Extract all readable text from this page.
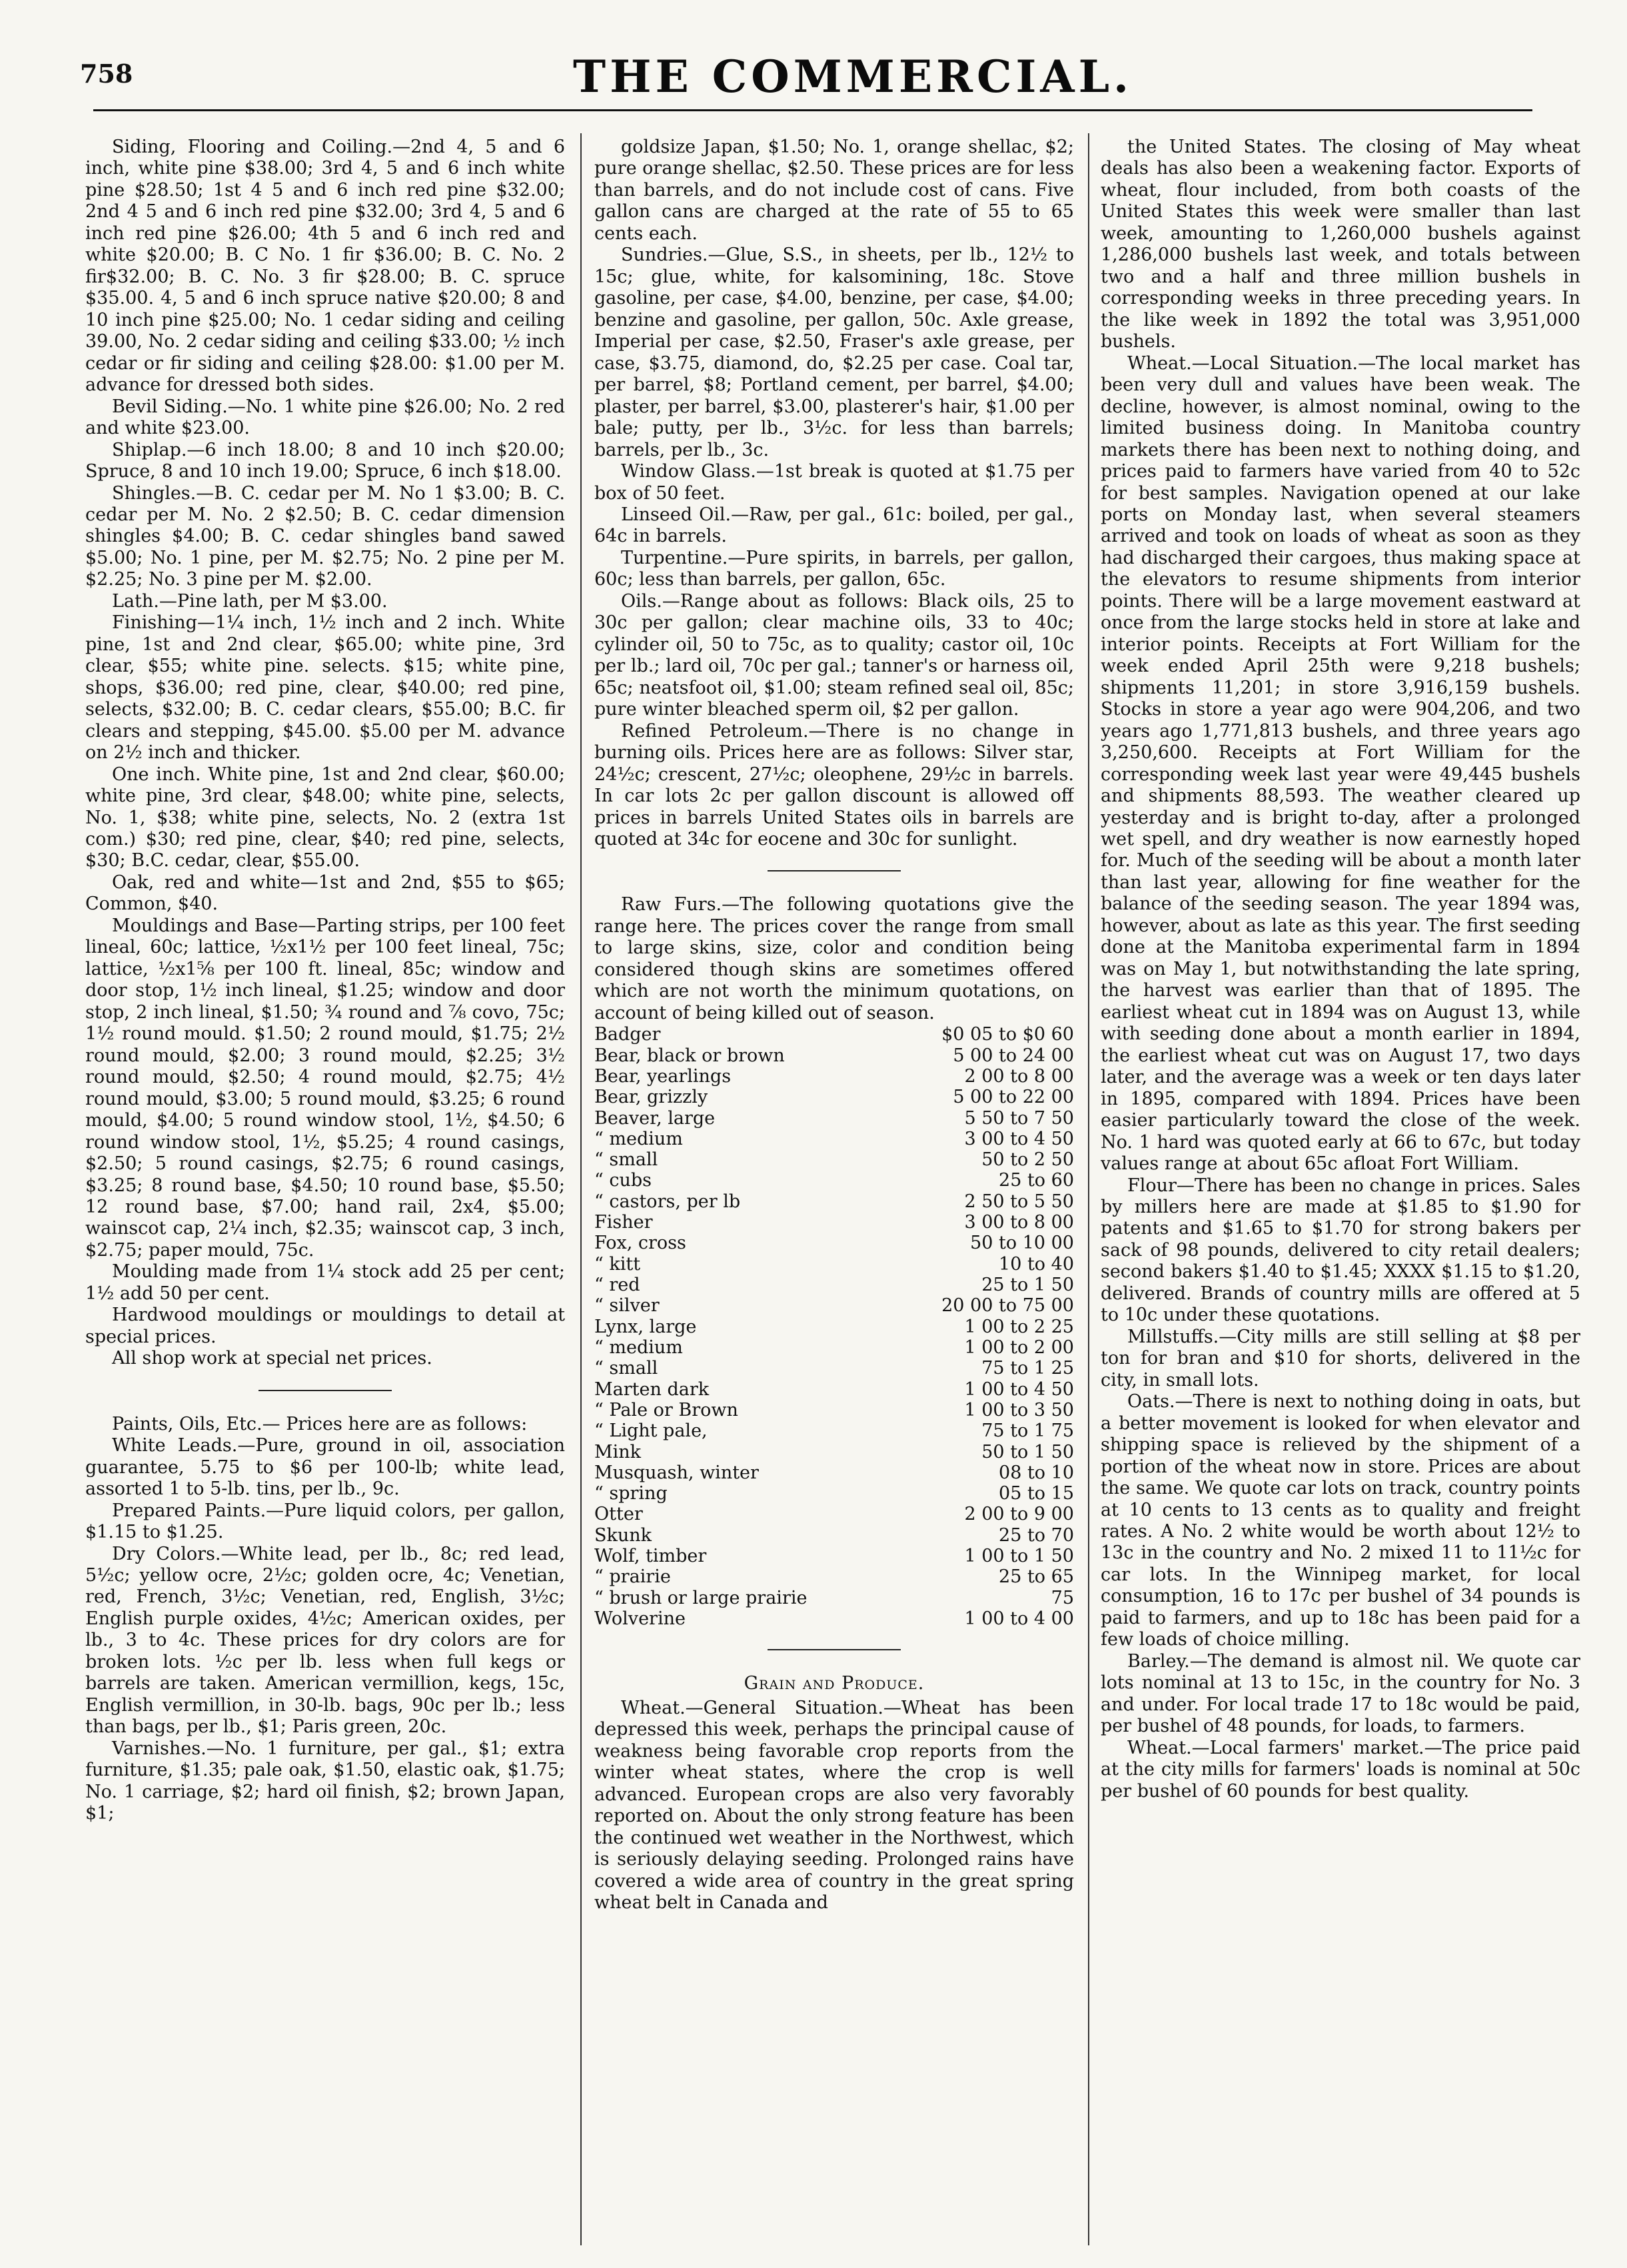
758	THE COMMERCIAL.

Siding, Flooring and Coiling.—2nd 4, 5 and 6 inch, white pine $38.00; 3rd 4, 5 and 6 inch white pine $28.50; 1st 4 5 and 6 inch red pine $32.00; 2nd 4 5 and 6 inch red pine $32.00; 3rd 4, 5 and 6 inch red pine $26.00; 4th 5 and 6 inch red and white $20.00; B. C No. 1 fir $36.00; B. C. No. 2 fir$32.00; B. C. No. 3 fir $28.00; B. C. spruce $35.00. 4, 5 and 6 inch spruce native $20.00; 8 and 10 inch pine $25.00; No. 1 cedar siding and ceiling 39.00, No. 2 cedar siding and ceiling $33.00; ½ inch cedar or fir siding and ceiling $28.00: $1.00 per M. advance for dressed both sides.

Bevil Siding.—No. 1 white pine $26.00; No. 2 red and white $23.00.

Shiplap.—6 inch 18.00; 8 and 10 inch $20.00; Spruce, 8 and 10 inch 19.00; Spruce, 6 inch $18.00.

Shingles.—B. C. cedar per M. No 1 $3.00; B. C. cedar per M. No. 2 $2.50; B. C. cedar dimension shingles $4.00; B. C. cedar shingles band sawed $5.00; No. 1 pine, per M. $2.75; No. 2 pine per M. $2.25; No. 3 pine per M. $2.00.

Lath.—Pine lath, per M $3.00.

Finishing—1¼ inch, 1½ inch and 2 inch. White pine, 1st and 2nd clear, $65.00; white pine, 3rd clear, $55; white pine. selects. $15; white pine, shops, $36.00; red pine, clear, $40.00; red pine, selects, $32.00; B. C. cedar clears, $55.00; B.C. fir clears and stepping, $45.00. $5.00 per M. advance on 2½ inch and thicker.

One inch. White pine, 1st and 2nd clear, $60.00; white pine, 3rd clear, $48.00; white pine, selects, No. 1, $38; white pine, selects, No. 2 (extra 1st com.) $30; red pine, clear, $40; red pine, selects, $30; B.C. cedar, clear, $55.00.

Oak, red and white—1st and 2nd, $55 to $65; Common, $40.

Mouldings and Base—Parting strips, per 100 feet lineal, 60c; lattice, ½x1½ per 100 feet lineal, 75c; lattice, ½x1⅝ per 100 ft. lineal, 85c; window and door stop, 1½ inch lineal, $1.25; window and door stop, 2 inch lineal, $1.50; ¾ round and ⅞ covo, 75c; 1½ round mould. $1.50; 2 round mould, $1.75; 2½ round mould, $2.00; 3 round mould, $2.25; 3½ round mould, $2.50; 4 round mould, $2.75; 4½ round mould, $3.00; 5 round mould, $3.25; 6 round mould, $4.00; 5 round window stool, 1½, $4.50; 6 round window stool, 1½, $5.25; 4 round casings, $2.50; 5 round casings, $2.75; 6 round casings, $3.25; 8 round base, $4.50; 10 round base, $5.50; 12 round base, $7.00; hand rail, 2x4, $5.00; wainscot cap, 2¼ inch, $2.35; wainscot cap, 3 inch, $2.75; paper mould, 75c.

Moulding made from 1¼ stock add 25 per cent; 1½ add 50 per cent.

Hardwood mouldings or mouldings to detail at special prices.

All shop work at special net prices.

Paints, Oils, Etc.— Prices here are as follows:

White Leads.—Pure, ground in oil, association guarantee, 5.75 to $6 per 100-lb; white lead, assorted 1 to 5-lb. tins, per lb., 9c.

Prepared Paints.—Pure liquid colors, per gallon, $1.15 to $1.25.

Dry Colors.—White lead, per lb., 8c; red lead, 5½c; yellow ocre, 2½c; golden ocre, 4c; Venetian, red, French, 3½c; Venetian, red, English, 3½c; English purple oxides, 4½c; American oxides, per lb., 3 to 4c. These prices for dry colors are for broken lots. ½c per lb. less when full kegs or barrels are taken. American vermillion, kegs, 15c, English vermillion, in 30-lb. bags, 90c per lb.; less than bags, per lb., $1; Paris green, 20c.

Varnishes.—No. 1 furniture, per gal., $1; extra furniture, $1.35; pale oak, $1.50, elastic oak, $1.75; No. 1 carriage, $2; hard oil finish, $2; brown Japan, $1;

goldsize Japan, $1.50; No. 1, orange shellac, $2; pure orange shellac, $2.50. These prices are for less than barrels, and do not include cost of cans. Five gallon cans are charged at the rate of 55 to 65 cents each.

Sundries.—Glue, S.S., in sheets, per lb., 12½ to 15c; glue, white, for kalsomining, 18c. Stove gasoline, per case, $4.00, benzine, per case, $4.00; benzine and gasoline, per gallon, 50c. Axle grease, Imperial per case, $2.50, Fraser's axle grease, per case, $3.75, diamond, do, $2.25 per case. Coal tar, per barrel, $8; Portland cement, per barrel, $4.00; plaster, per barrel, $3.00, plasterer's hair, $1.00 per bale; putty, per lb., 3½c. for less than barrels; barrels, per lb., 3c.

Window Glass.—1st break is quoted at $1.75 per box of 50 feet.

Linseed Oil.—Raw, per gal., 61c: boiled, per gal., 64c in barrels.

Turpentine.—Pure spirits, in barrels, per gallon, 60c; less than barrels, per gallon, 65c.

Oils.—Range about as follows: Black oils, 25 to 30c per gallon; clear machine oils, 33 to 40c; cylinder oil, 50 to 75c, as to quality; castor oil, 10c per lb.; lard oil, 70c per gal.; tanner's or harness oil, 65c; neatsfoot oil, $1.00; steam refined seal oil, 85c; pure winter bleached sperm oil, $2 per gallon.

Refined Petroleum.—There is no change in burning oils. Prices here are as follows: Silver star, 24½c; crescent, 27½c; oleophene, 29½c in barrels. In car lots 2c per gallon discount is allowed off prices in barrels United States oils in barrels are quoted at 34c for eocene and 30c for sunlight.

Raw Furs.—The following quotations give the range here. The prices cover the range from small to large skins, size, color and condition being considered though skins are sometimes offered which are not worth the minimum quotations, on account of being killed out of season.

Badger	$0 05 to $0 60
Bear, black or brown	5 00 to 24 00
Bear, yearlings	2 00 to 8 00
Bear, grizzly	5 00 to 22 00
Beaver, large	5 50 to 7 50
“ medium	3 00 to 4 50
“ small	50 to 2 50
“ cubs	25 to 60
“ castors, per lb	2 50 to 5 50
Fisher	3 00 to 8 00
Fox, cross	50 to 10 00
“ kitt	10 to 40
“ red	25 to 1 50
“ silver	20 00 to 75 00
Lynx, large	1 00 to 2 25
“ medium	1 00 to 2 00
“ small	75 to 1 25
Marten dark	1 00 to 4 50
“ Pale or Brown	1 00 to 3 50
“ Light pale,	75 to 1 75
Mink	50 to 1 50
Musquash, winter	08 to 10
“ spring	05 to 15
Otter	2 00 to 9 00
Skunk	25 to 70
Wolf, timber	1 00 to 1 50
“ prairie	25 to 65
“ brush or large prairie	75
Wolverine	1 00 to 4 00

Grain and Produce.

Wheat.—General Situation.—Wheat has been depressed this week, perhaps the principal cause of weakness being favorable crop reports from the winter wheat states, where the crop is well advanced. European crops are also very favorably reported on. About the only strong feature has been the continued wet weather in the Northwest, which is seriously delaying seeding. Prolonged rains have covered a wide area of country in the great spring wheat belt in Canada and

the United States. The closing of May wheat deals has also been a weakening factor. Exports of wheat, flour included, from both coasts of the United States this week were smaller than last week, amounting to 1,260,000 bushels against 1,286,000 bushels last week, and totals between two and a half and three million bushels in corresponding weeks in three preceding years. In the like week in 1892 the total was 3,951,000 bushels.

Wheat.—Local Situation.—The local market has been very dull and values have been weak. The decline, however, is almost nominal, owing to the limited business doing. In Manitoba country markets there has been next to nothing doing, and prices paid to farmers have varied from 40 to 52c for best samples. Navigation opened at our lake ports on Monday last, when several steamers arrived and took on loads of wheat as soon as they had discharged their cargoes, thus making space at the elevators to resume shipments from interior points. There will be a large movement eastward at once from the large stocks held in store at lake and interior points. Receipts at Fort William for the week ended April 25th were 9,218 bushels; shipments 11,201; in store 3,916,159 bushels. Stocks in store a year ago were 904,206, and two years ago 1,771,813 bushels, and three years ago 3,250,600. Receipts at Fort William for the corresponding week last year were 49,445 bushels and shipments 88,593. The weather cleared up yesterday and is bright to-day, after a prolonged wet spell, and dry weather is now earnestly hoped for. Much of the seeding will be about a month later than last year, allowing for fine weather for the balance of the seeding season. The year 1894 was, however, about as late as this year. The first seeding done at the Manitoba experimental farm in 1894 was on May 1, but notwithstanding the late spring, the harvest was earlier than that of 1895. The earliest wheat cut in 1894 was on August 13, while with seeding done about a month earlier in 1894, the earliest wheat cut was on August 17, two days later, and the average was a week or ten days later in 1895, compared with 1894. Prices have been easier particularly toward the close of the week. No. 1 hard was quoted early at 66 to 67c, but today values range at about 65c afloat Fort William.

Flour—There has been no change in prices. Sales by millers here are made at $1.85 to $1.90 for patents and $1.65 to $1.70 for strong bakers per sack of 98 pounds, delivered to city retail dealers; second bakers $1.40 to $1.45; XXXX $1.15 to $1.20, delivered. Brands of country mills are offered at 5 to 10c under these quotations.

Millstuffs.—City mills are still selling at $8 per ton for bran and $10 for shorts, delivered in the city, in small lots.

Oats.—There is next to nothing doing in oats, but a better movement is looked for when elevator and shipping space is relieved by the shipment of a portion of the wheat now in store. Prices are about the same. We quote car lots on track, country points at 10 cents to 13 cents as to quality and freight rates. A No. 2 white would be worth about 12½ to 13c in the country and No. 2 mixed 11 to 11½c for car lots. In the Winnipeg market, for local consumption, 16 to 17c per bushel of 34 pounds is paid to farmers, and up to 18c has been paid for a few loads of choice milling.

Barley.—The demand is almost nil. We quote car lots nominal at 13 to 15c, in the country for No. 3 and under. For local trade 17 to 18c would be paid, per bushel of 48 pounds, for loads, to farmers.

Wheat.—Local farmers' market.—The price paid at the city mills for farmers' loads is nominal at 50c per bushel of 60 pounds for best quality.
